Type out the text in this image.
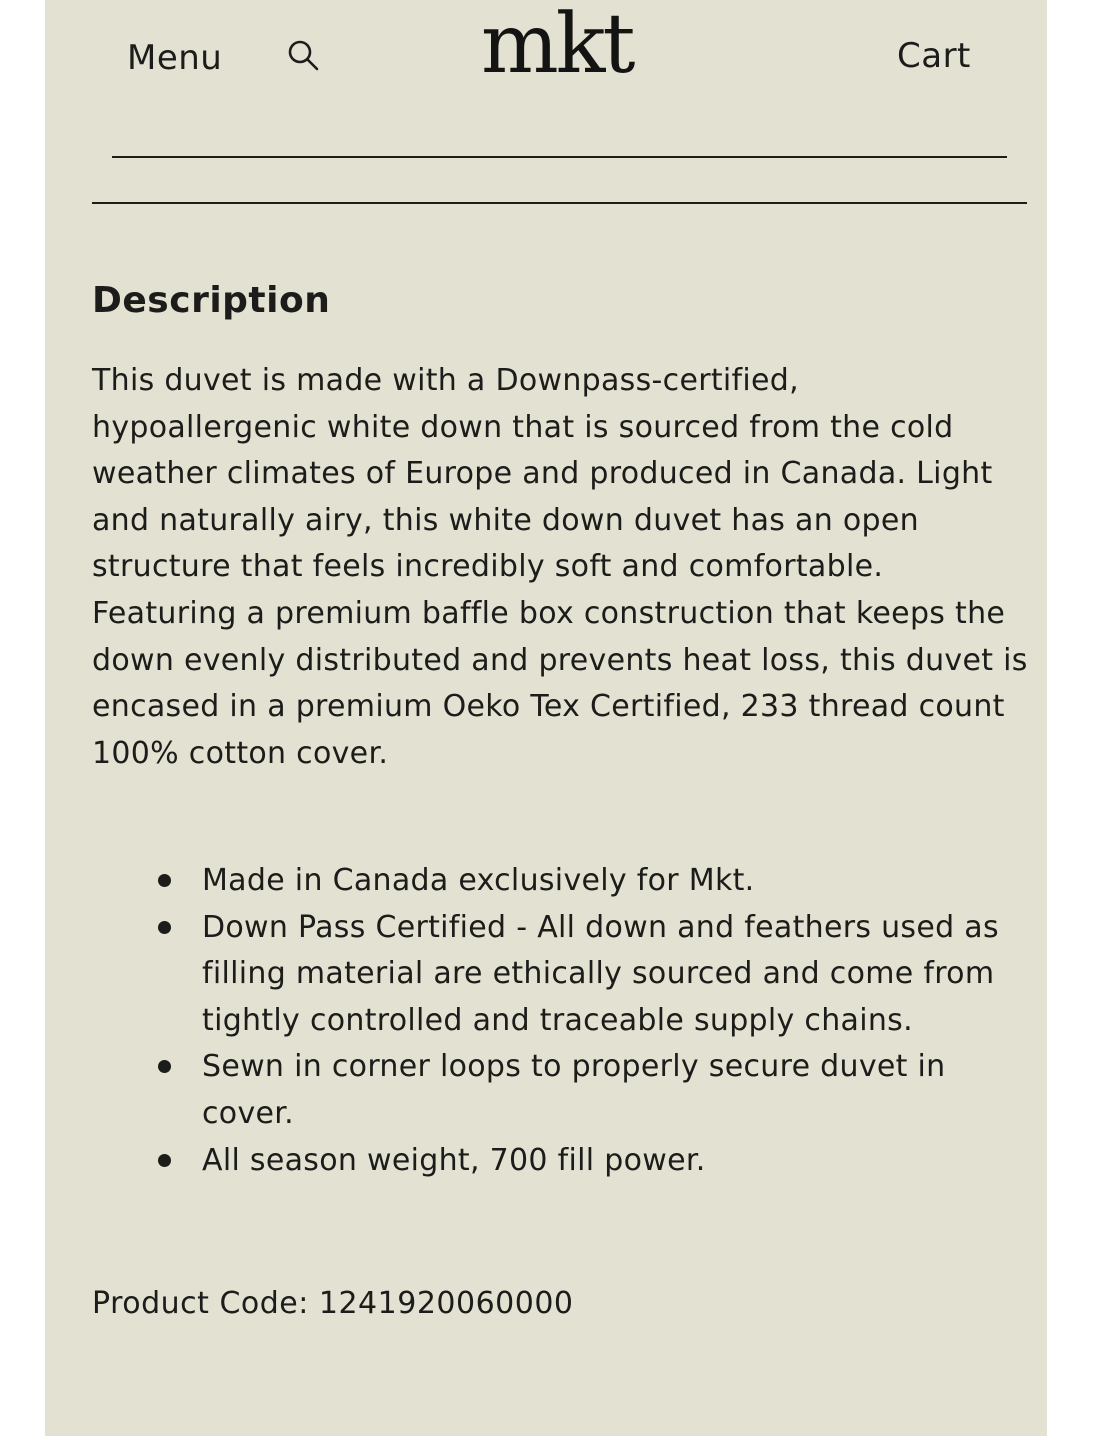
Menu	mkt	Cart
Description

This duvet is made with a Downpass-certified, hypoallergenic white down that is sourced from the cold weather climates of Europe and produced in Canada. Light and naturally airy, this white down duvet has an open structure that feels incredibly soft and comfortable. Featuring a premium baffle box construction that keeps the down evenly distributed and prevents heat loss, this duvet is encased in a premium Oeko Tex Certified, 233 thread count 100% cotton cover.

Made in Canada exclusively for Mkt.
Down Pass Certified - All down and feathers used as filling material are ethically sourced and come from tightly controlled and traceable supply chains.
Sewn in corner loops to properly secure duvet in cover.
All season weight, 700 fill power.
Product Code: 1241920060000
